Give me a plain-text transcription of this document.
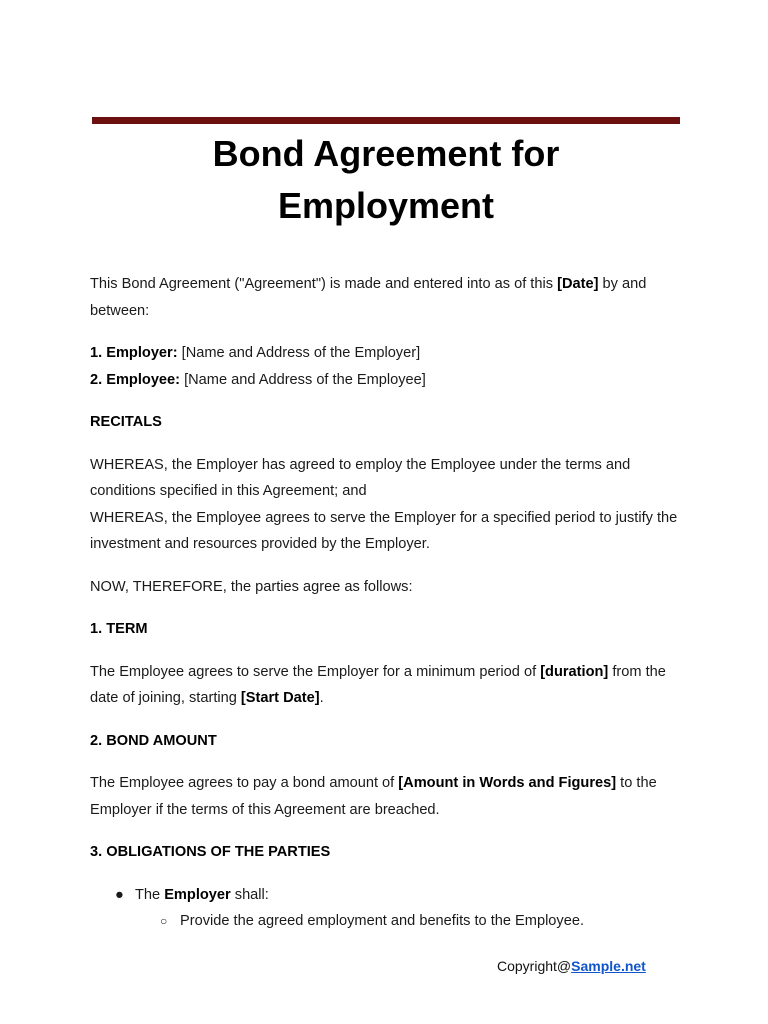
Bond Agreement for
Employment

This Bond Agreement ("Agreement") is made and entered into as of this [Date] by and between:

1. Employer: [Name and Address of the Employer]
2. Employee: [Name and Address of the Employee]

RECITALS

WHEREAS, the Employer has agreed to employ the Employee under the terms and conditions specified in this Agreement; and
WHEREAS, the Employee agrees to serve the Employer for a specified period to justify the investment and resources provided by the Employer.

NOW, THEREFORE, the parties agree as follows:

1. TERM

The Employee agrees to serve the Employer for a minimum period of [duration] from the date of joining, starting [Start Date].

2. BOND AMOUNT

The Employee agrees to pay a bond amount of [Amount in Words and Figures] to the Employer if the terms of this Agreement are breached.

3. OBLIGATIONS OF THE PARTIES

● The Employer shall:
○ Provide the agreed employment and benefits to the Employee.
Copyright@Sample.net
